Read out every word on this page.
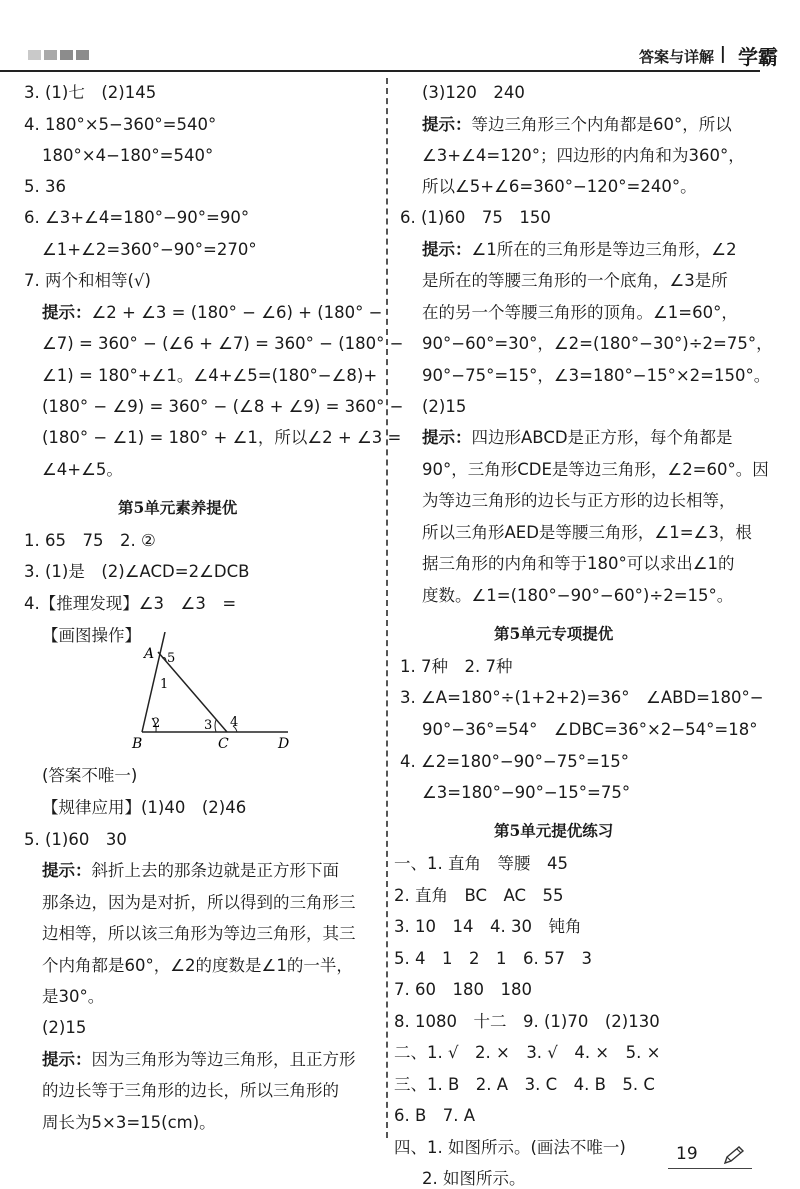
答案与详解 | 学霸
3. (1)七　(2)145
4. 180°×5−360°=540°
180°×4−180°=540°
5. 36
6. ∠3+∠4=180°−90°=90°
∠1+∠2=360°−90°=270°
7. 两个和相等(√)
提示：∠2 + ∠3 = (180° − ∠6) + (180° −
∠7) = 360° − (∠6 + ∠7) = 360° − (180° −
∠1) = 180°+∠1。∠4+∠5=(180°−∠8)+
(180° − ∠9) = 360° − (∠8 + ∠9) = 360° −
(180° − ∠1) = 180° + ∠1，所以∠2 + ∠3 =
∠4+∠5。
第5单元素养提优
1. 65　75　2. ②
3. (1)是　(2)∠ACD=2∠DCB
4.【推理发现】∠3　∠3　=
【画图操作】
(答案不唯一)
【规律应用】(1)40　(2)46
5. (1)60　30
提示：斜折上去的那条边就是正方形下面
那条边，因为是对折，所以得到的三角形三
边相等，所以该三角形为等边三角形，其三
个内角都是60°，∠2的度数是∠1的一半，
是30°。
(2)15
提示：因为三角形为等边三角形，且正方形
的边长等于三角形的边长，所以三角形的
周长为5×3=15(cm)。
A
B	C	D
1
2	3 4
5
(3)120　240
提示：等边三角形三个内角都是60°，所以
∠3+∠4=120°；四边形的内角和为360°，
所以∠5+∠6=360°−120°=240°。
6. (1)60　75　150
提示：∠1所在的三角形是等边三角形，∠2
是所在的等腰三角形的一个底角，∠3是所
在的另一个等腰三角形的顶角。∠1=60°，
90°−60°=30°，∠2=(180°−30°)÷2=75°，
90°−75°=15°，∠3=180°−15°×2=150°。
(2)15
提示：四边形ABCD是正方形，每个角都是
90°，三角形CDE是等边三角形，∠2=60°。因
为等边三角形的边长与正方形的边长相等，
所以三角形AED是等腰三角形，∠1=∠3，根
据三角形的内角和等于180°可以求出∠1的
度数。∠1=(180°−90°−60°)÷2=15°。
第5单元专项提优
1. 7种　2. 7种
3. ∠A=180°÷(1+2+2)=36°　∠ABD=180°−
90°−36°=54°　∠DBC=36°×2−54°=18°
4. ∠2=180°−90°−75°=15°
∠3=180°−90°−15°=75°
第5单元提优练习
一、1. 直角　等腰　45
2. 直角　BC　AC　55
3. 10　14　4. 30　钝角
5. 4　1　2　1　6. 57　3
7. 60　180　180
8. 1080　十二　9. (1)70　(2)130
二、1. √　2. ×　3. √　4. ×　5. ×
三、1. B　2. A　3. C　4. B　5. C
6. B　7. A
四、1. 如图所示。(画法不唯一)
2. 如图所示。
19
